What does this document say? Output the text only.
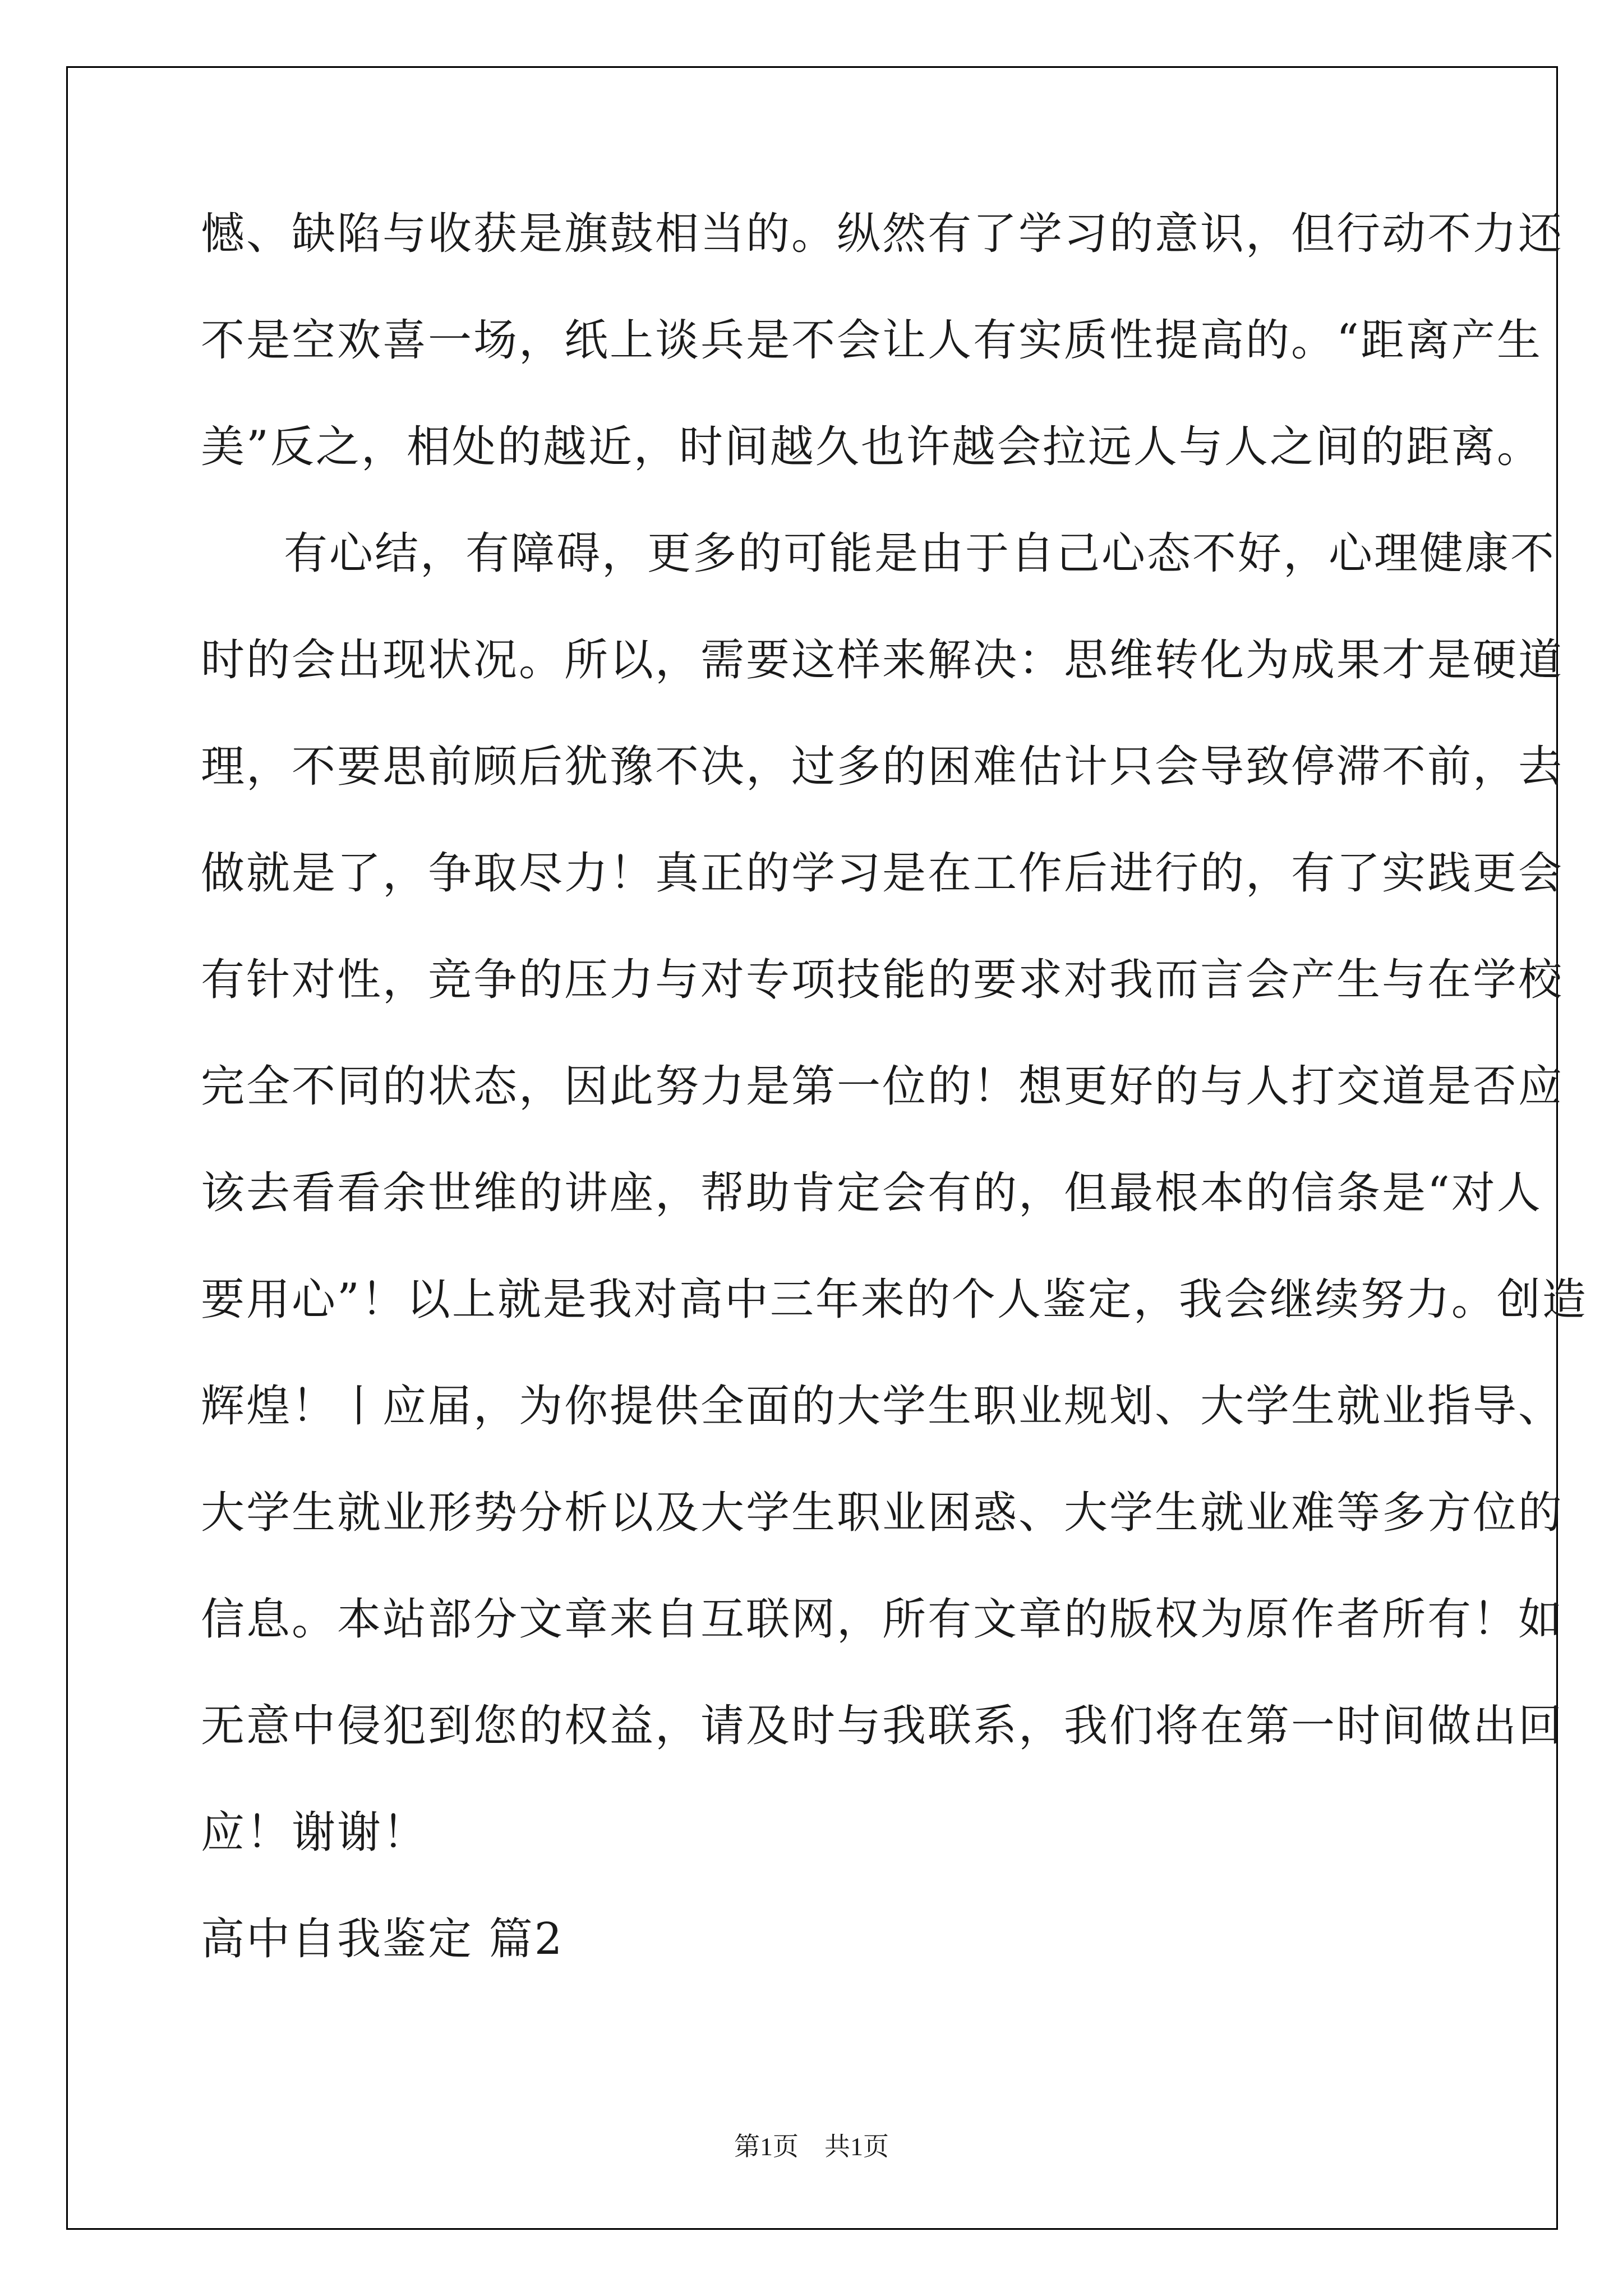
憾、缺陷与收获是旗鼓相当的。纵然有了学习的意识，但行动不力还
不是空欢喜一场，纸上谈兵是不会让人有实质性提高的。“距离产生
美”反之，相处的越近，时间越久也许越会拉远人与人之间的距离。
有心结，有障碍，更多的可能是由于自己心态不好，心理健康不
时的会出现状况。所以，需要这样来解决：思维转化为成果才是硬道
理，不要思前顾后犹豫不决，过多的困难估计只会导致停滞不前，去
做就是了，争取尽力！真正的学习是在工作后进行的，有了实践更会
有针对性，竞争的压力与对专项技能的要求对我而言会产生与在学校
完全不同的状态，因此努力是第一位的！想更好的与人打交道是否应
该去看看余世维的讲座，帮助肯定会有的，但最根本的信条是“对人
要用心”！以上就是我对高中三年来的个人鉴定，我会继续努力。创造
辉煌！丨应届，为你提供全面的大学生职业规划、大学生就业指导、
大学生就业形势分析以及大学生职业困惑、大学生就业难等多方位的
信息。本站部分文章来自互联网，所有文章的版权为原作者所有！如
无意中侵犯到您的权益，请及时与我联系，我们将在第一时间做出回
应！谢谢！
高中自我鉴定 篇2
第1页　共1页
